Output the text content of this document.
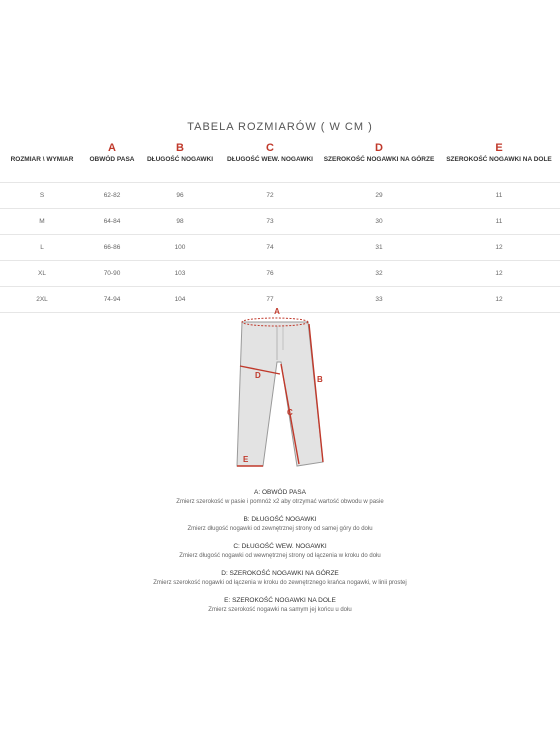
TABELA ROZMIARÓW ( W CM )
	A	B	C	D	E
ROZMIAR \ WYMIAR	OBWÓD PASA	DŁUGOŚĆ NOGAWKI	DŁUGOŚĆ WEW. NOGAWKI	SZEROKOŚĆ NOGAWKI NA GÓRZE	SZEROKOŚĆ NOGAWKI NA DOLE
S	62-82	96	72	29	11
M	64-84	98	73	30	11
L	66-86	100	74	31	12
XL	70-90	103	76	32	12
2XL	74-94	104	77	33	12
A
B
C
D
E
A: OBWÓD PASA
Zmierz szerokość w pasie i pomnóż x2 aby otrzymać wartość obwodu w pasie
B: DŁUGOŚĆ NOGAWKI
Zmierz długość nogawki od zewnętrznej strony od samej góry do dołu
C: DŁUGOŚĆ WEW. NOGAWKI
Zmierz długość nogawki od wewnętrznej strony od łączenia w kroku do dołu
D: SZEROKOŚĆ NOGAWKI NA GÓRZE
Zmierz szerokość nogawki od łączenia w kroku do zewnętrznego krańca nogawki, w linii prostej
E: SZEROKOŚĆ NOGAWKI NA DOLE
Zmierz szerokość nogawki na samym jej końcu u dołu
